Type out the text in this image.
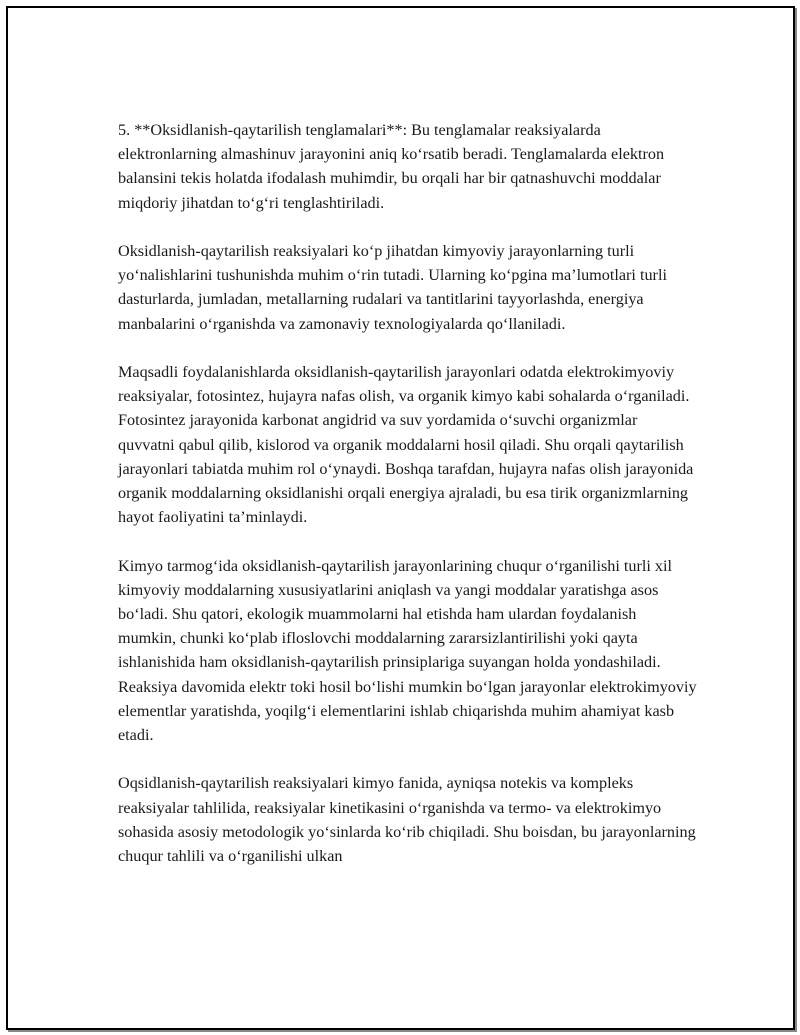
5. **Oksidlanish-qaytarilish tenglamalari**: Bu tenglamalar reaksiyalarda elektronlarning almashinuv jarayonini aniq koʻrsatib beradi. Tenglamalarda elektron balansini tekis holatda ifodalash muhimdir, bu orqali har bir qatnashuvchi moddalar miqdoriy jihatdan toʻgʻri tenglashtiriladi.

Oksidlanish-qaytarilish reaksiyalari koʻp jihatdan kimyoviy jarayonlarning turli yoʻnalishlarini tushunishda muhim oʻrin tutadi. Ularning koʻpgina maʼlumotlari turli dasturlarda, jumladan, metallarning rudalari va tantitlarini tayyorlashda, energiya manbalarini oʻrganishda va zamonaviy texnologiyalarda qoʻllaniladi.

Maqsadli foydalanishlarda oksidlanish-qaytarilish jarayonlari odatda elektrokimyoviy reaksiyalar, fotosintez, hujayra nafas olish, va organik kimyo kabi sohalarda oʻrganiladi. Fotosintez jarayonida karbonat angidrid va suv yordamida oʻsuvchi organizmlar quvvatni qabul qilib, kislorod va organik moddalarni hosil qiladi. Shu orqali qaytarilish jarayonlari tabiatda muhim rol oʻynaydi. Boshqa tarafdan, hujayra nafas olish jarayonida organik moddalarning oksidlanishi orqali energiya ajraladi, bu esa tirik organizmlarning hayot faoliyatini taʼminlaydi.

Kimyo tarmogʻida oksidlanish-qaytarilish jarayonlarining chuqur oʻrganilishi turli xil kimyoviy moddalarning xususiyatlarini aniqlash va yangi moddalar yaratishga asos boʻladi. Shu qatori, ekologik muammolarni hal etishda ham ulardan foydalanish mumkin, chunki koʻplab ifloslovchi moddalarning zararsizlantirilishi yoki qayta ishlanishida ham oksidlanish-qaytarilish prinsiplariga suyangan holda yondashiladi. Reaksiya davomida elektr toki hosil boʻlishi mumkin boʻlgan jarayonlar elektrokimyoviy elementlar yaratishda, yoqilgʻi elementlarini ishlab chiqarishda muhim ahamiyat kasb etadi.

Oqsidlanish-qaytarilish reaksiyalari kimyo fanida, ayniqsa notekis va kompleks reaksiyalar tahlilida, reaksiyalar kinetikasini oʻrganishda va termo- va elektrokimyo sohasida asosiy metodologik yoʻsinlarda koʻrib chiqiladi. Shu boisdan, bu jarayonlarning chuqur tahlili va oʻrganilishi ulkan
